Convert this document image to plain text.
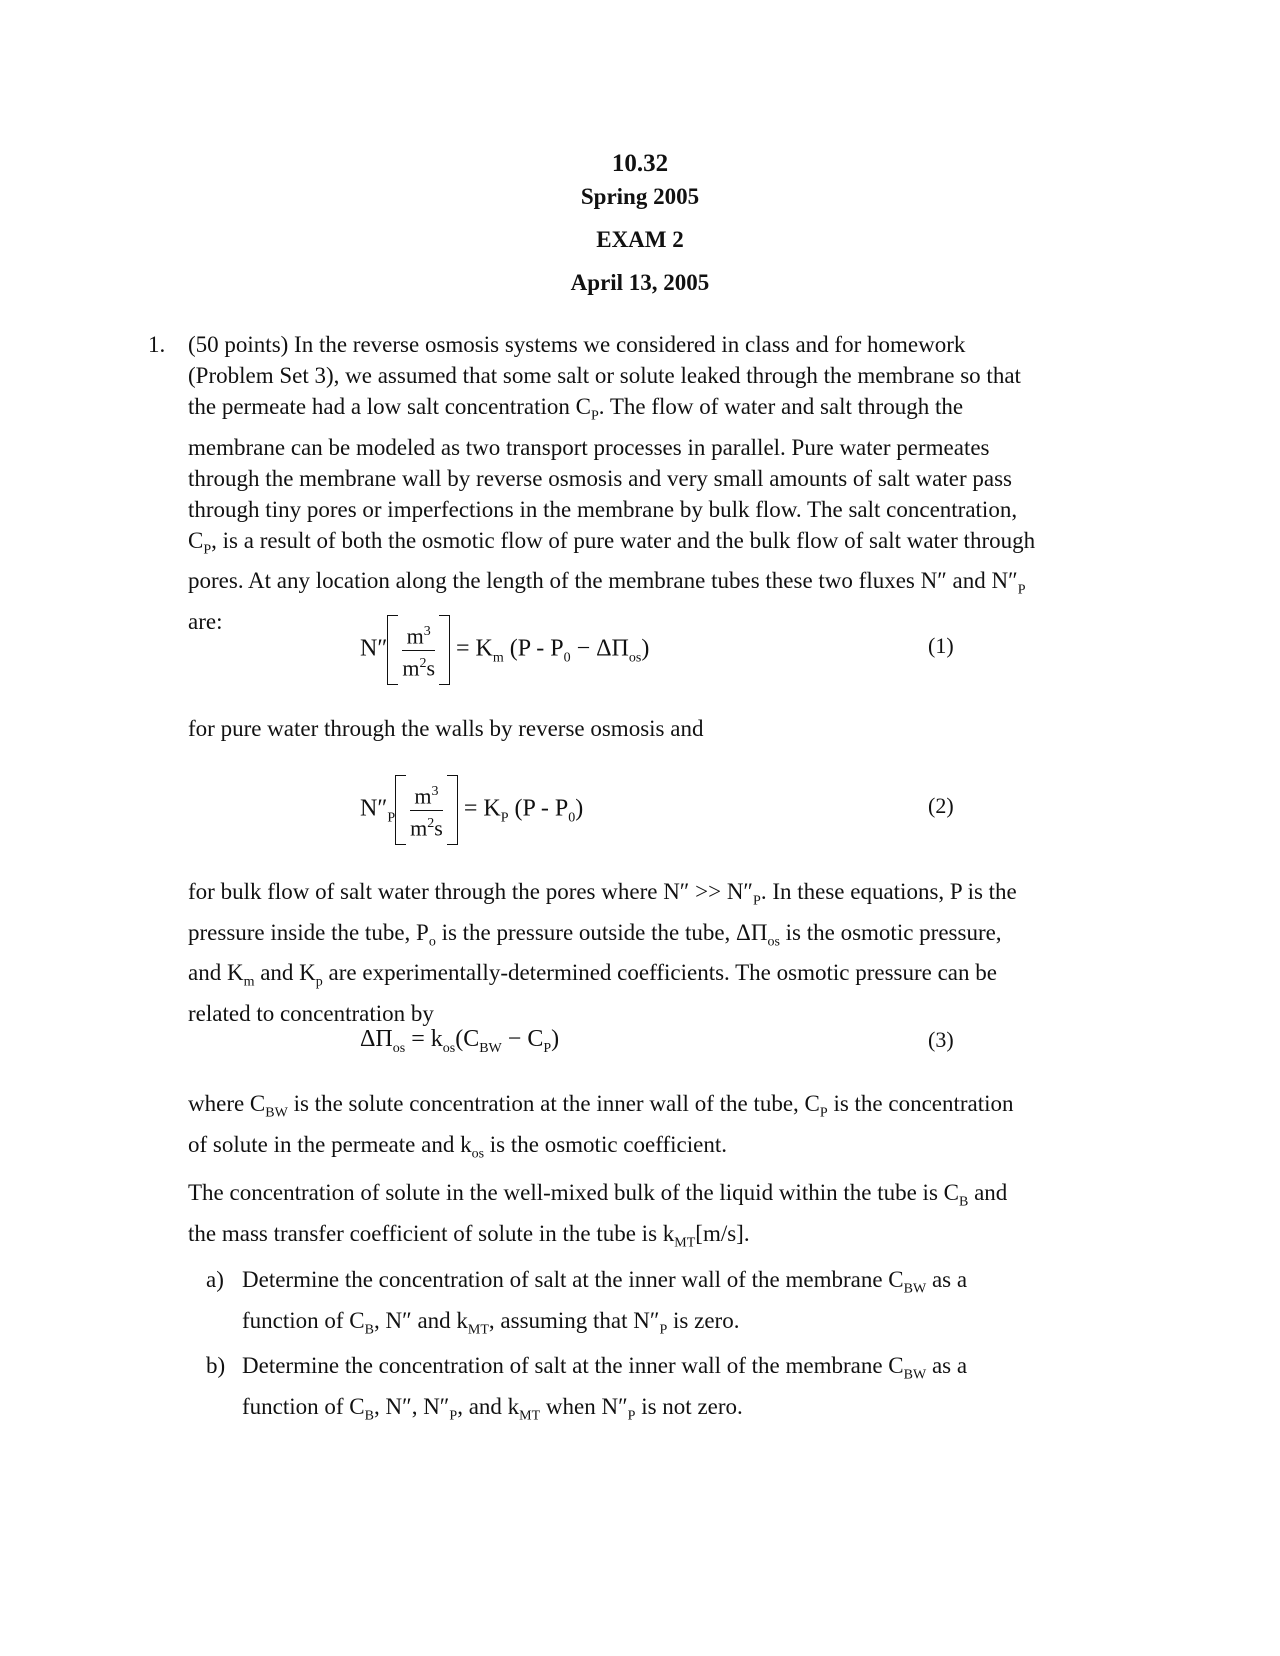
10.32
Spring 2005
EXAM 2
April 13, 2005
1. (50 points) In the reverse osmosis systems we considered in class and for homework
(Problem Set 3), we assumed that some salt or solute leaked through the membrane so that
the permeate had a low salt concentration $C_P$. The flow of water and salt through the
membrane can be modeled as two transport processes in parallel. Pure water permeates
through the membrane wall by reverse osmosis and very small amounts of salt water pass
through tiny pores or imperfections in the membrane by bulk flow. The salt concentration,
$C_P$, is a result of both the osmotic flow of pure water and the bulk flow of salt water through
pores. At any location along the length of the membrane tubes these two fluxes N″ and $N''_P$
are:
$N'' \frac{m^3}{m^2s} = K_m$ $(P - P_0 - \Delta\Pi_{os})$	(1)
for pure water through the walls by reverse osmosis and
$N''_P \frac{m^3}{m^2s} = K_P$ $(P - P_0)$	(2)
for bulk flow of salt water through the pores where $N'' >> N''_P$. In these equations, P is the
pressure inside the tube, $P_o$ is the pressure outside the tube, $\Delta\Pi_{os}$ is the osmotic pressure,
and $K_m$ and $K_p$ are experimentally-determined coefficients. The osmotic pressure can be
related to concentration by
$\Delta\Pi_{os} = k_{os}(C_{BW} - C_P)$	(3)
where $C_{BW}$ is the solute concentration at the inner wall of the tube, $C_P$ is the concentration
of solute in the permeate and $k_{os}$ is the osmotic coefficient.
The concentration of solute in the well-mixed bulk of the liquid within the tube is $C_B$ and
the mass transfer coefficient of solute in the tube is $k_{MT}[m/s]$.
a) Determine the concentration of salt at the inner wall of the membrane $C_{BW}$ as a
function of $C_B$, N″ and $k_{MT}$, assuming that $N''_P$ is zero.
b) Determine the concentration of salt at the inner wall of the membrane $C_{BW}$ as a
function of $C_B$, N″, $N''_P$, and $k_{MT}$ when $N''_P$ is not zero.
